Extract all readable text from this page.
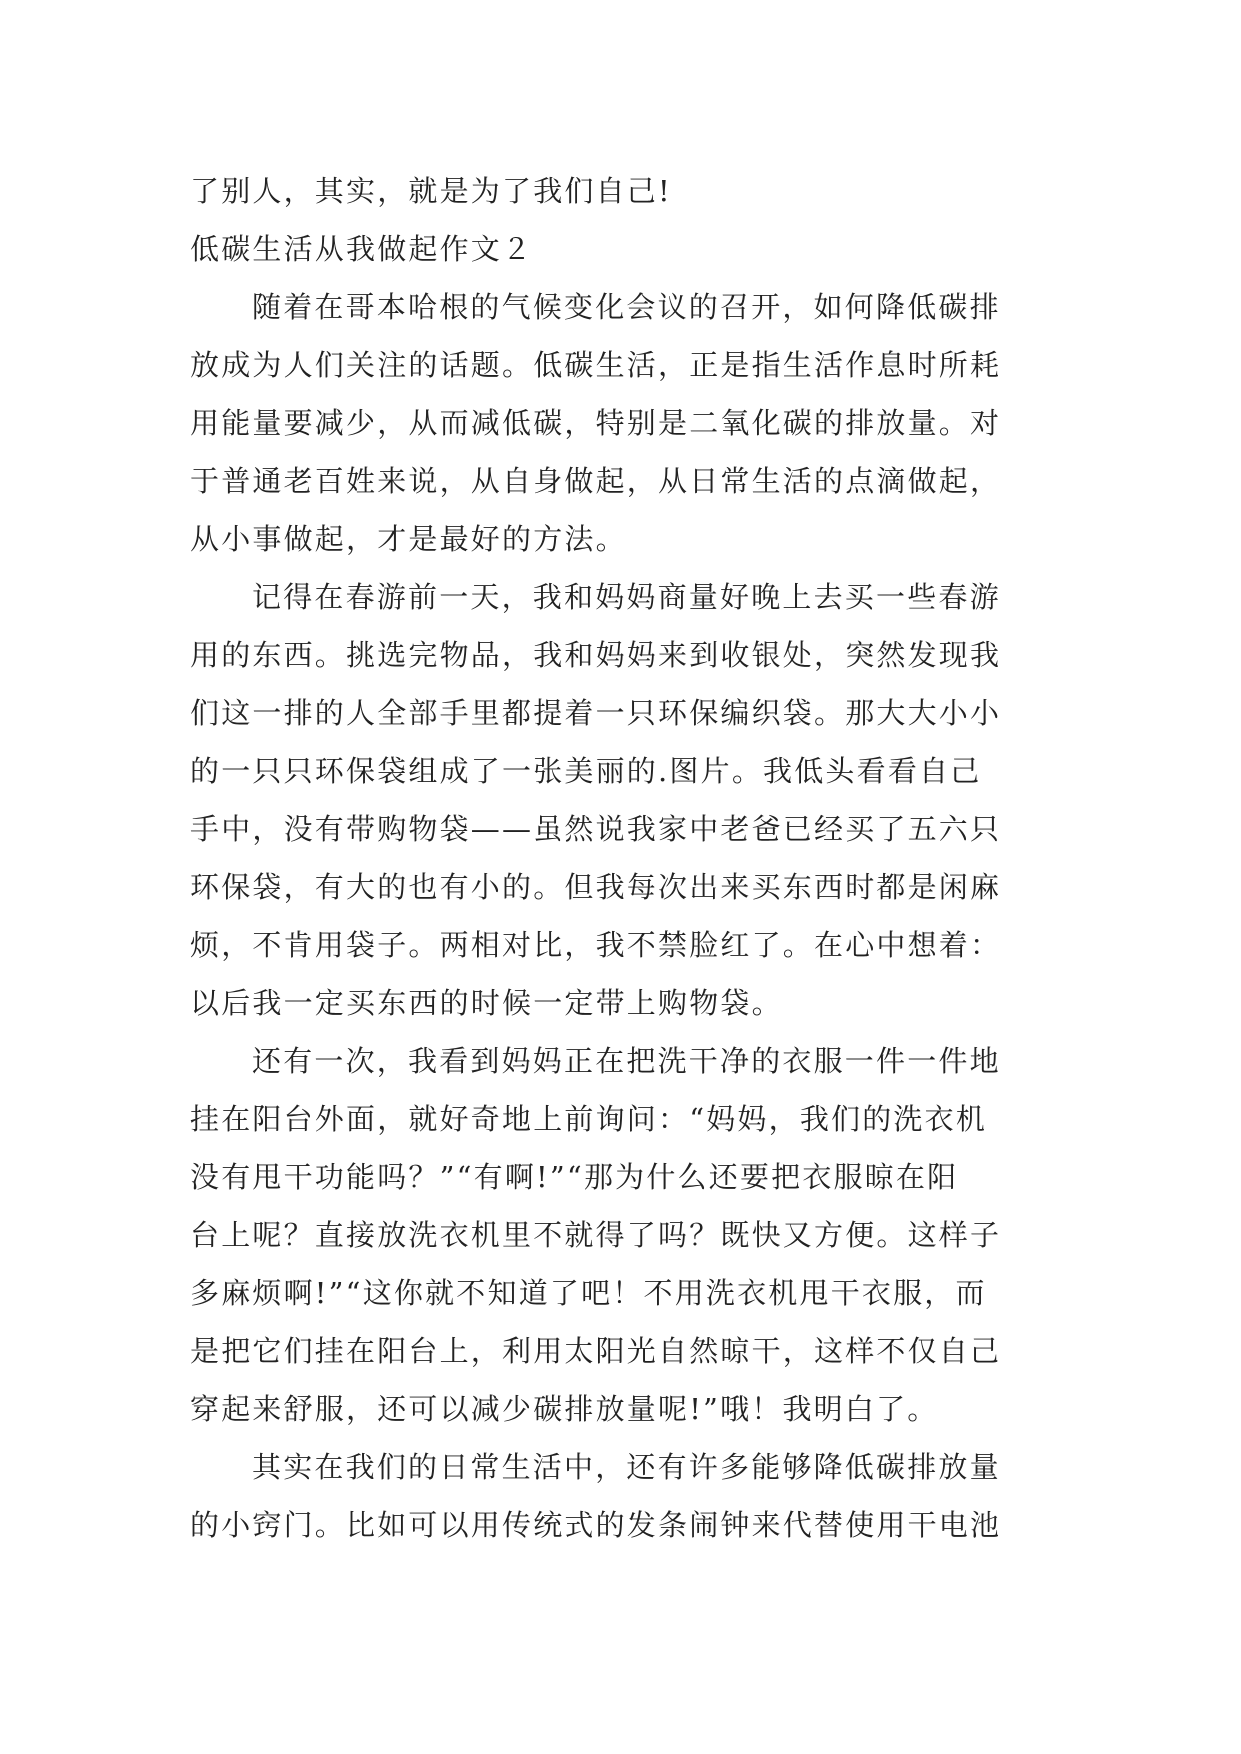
了别人，其实，就是为了我们自己!
低碳生活从我做起作文２
随着在哥本哈根的气候变化会议的召开，如何降低碳排
放成为人们关注的话题。低碳生活，正是指生活作息时所耗
用能量要减少，从而减低碳，特别是二氧化碳的排放量。对
于普通老百姓来说，从自身做起，从日常生活的点滴做起，
从小事做起，才是最好的方法。
记得在春游前一天，我和妈妈商量好晚上去买一些春游
用的东西。挑选完物品，我和妈妈来到收银处，突然发现我
们这一排的人全部手里都提着一只环保编织袋。那大大小小
的一只只环保袋组成了一张美丽的.图片。我低头看看自己
手中，没有带购物袋——虽然说我家中老爸已经买了五六只
环保袋，有大的也有小的。但我每次出来买东西时都是闲麻
烦，不肯用袋子。两相对比，我不禁脸红了。在心中想着：
以后我一定买东西的时候一定带上购物袋。
还有一次，我看到妈妈正在把洗干净的衣服一件一件地
挂在阳台外面，就好奇地上前询问：“妈妈，我们的洗衣机
没有甩干功能吗？”“有啊!”“那为什么还要把衣服晾在阳
台上呢？直接放洗衣机里不就得了吗？既快又方便。这样子
多麻烦啊!”“这你就不知道了吧！不用洗衣机甩干衣服，而
是把它们挂在阳台上，利用太阳光自然晾干，这样不仅自己
穿起来舒服，还可以减少碳排放量呢!”哦！我明白了。
其实在我们的日常生活中，还有许多能够降低碳排放量
的小窍门。比如可以用传统式的发条闹钟来代替使用干电池
